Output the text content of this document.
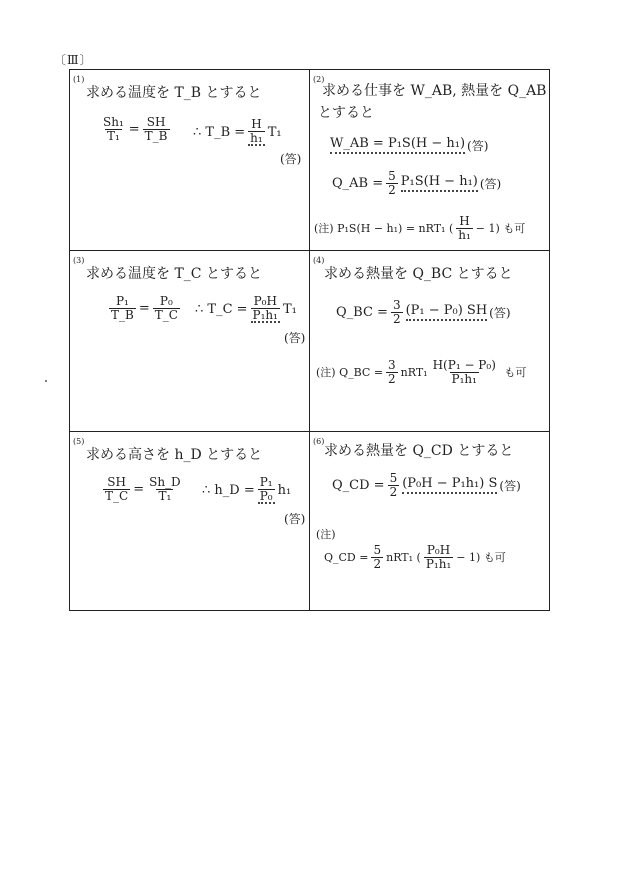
〔Ⅲ〕
(1)
求める温度を T_B とすると
$\frac{\text{Sh₁}}{\text{T₁}} = \frac{SH}{T\_B}$ ∴ T_B = $\frac{H}{\text{h₁}} T_1$
(答)
(2)
求める仕事を W_AB, 熱量を Q_AB
とすると
W_AB = P₁S(H − h₁) (答)
Q_AB = $\frac{5}{2} P_1S(H - h_1)$ (答)
(注)
P₁S(H − h₁) = nRT₁ ( $\frac{H}{\text{h₁}} - 1$)
も可
(3)
求める温度を T_C とすると
$\frac{\text{P₁}}{T\_B} = \frac{\text{P₀}}{T\_C}$ ∴ T_C = $\frac{\text{P₀H}}{\text{P₁h₁}} T_1$
(答)
(4)
求める熱量を Q_BC とすると
Q_BC = $\frac{3}{2} (P_1 - P_0)$ SH (答)
(注)
Q_BC = $\frac{3}{2} nRT_1 \frac{\text{H(P₁ − P₀)}}{\text{P₁h₁}}$
も可
(5)
求める高さを h_D とすると
$\frac{SH}{T\_C} = \frac{Sh\_D}{\text{T₁}}$ ∴ h_D = $\frac{\text{P₁}}{\text{P₀}} h_1$
(答)
(6)
求める熱量を Q_CD とすると
Q_CD = $\frac{5}{2} (P_0H - P_1h_1)$ S (答)
(注)
Q_CD = $\frac{5}{2} nRT_1$ ( $\frac{\text{P₀H}}{\text{P₁h₁}} - 1$)
も可
